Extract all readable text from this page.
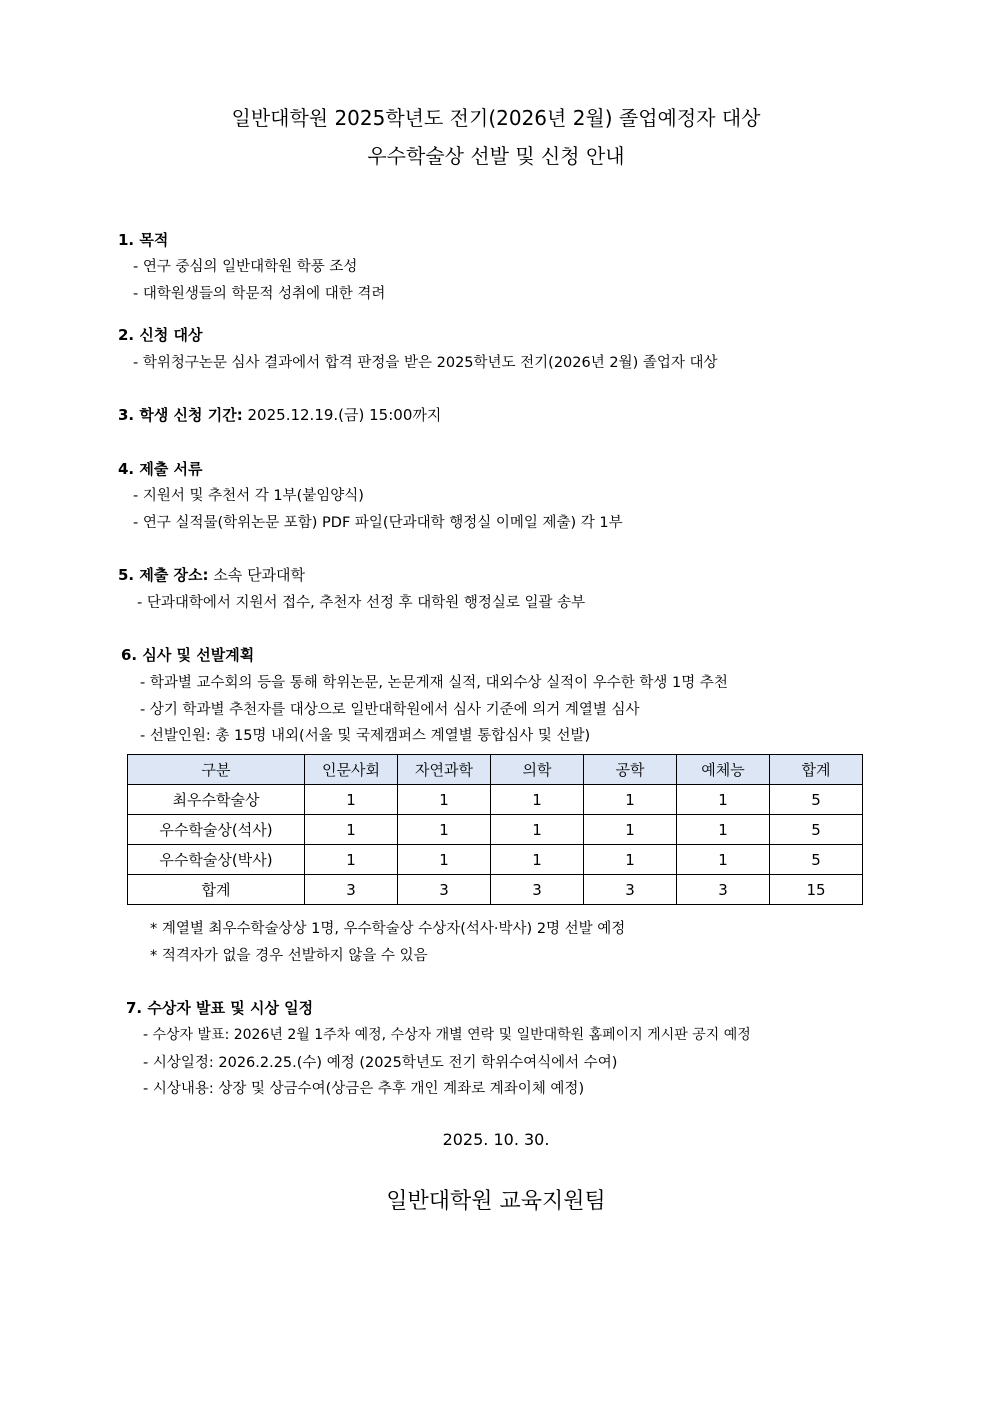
일반대학원 2025학년도 전기(2026년 2월) 졸업예정자 대상
우수학술상 선발 및 신청 안내
1. 목적
- 연구 중심의 일반대학원 학풍 조성
- 대학원생들의 학문적 성취에 대한 격려
2. 신청 대상
- 학위청구논문 심사 결과에서 합격 판정을 받은 2025학년도 전기(2026년 2월) 졸업자 대상
3. 학생 신청 기간: 2025.12.19.(금) 15:00까지
4. 제출 서류
- 지원서 및 추천서 각 1부(붙임양식)
- 연구 실적물(학위논문 포함) PDF 파일(단과대학 행정실 이메일 제출) 각 1부
5. 제출 장소: 소속 단과대학
- 단과대학에서 지원서 접수, 추천자 선정 후 대학원 행정실로 일괄 송부
6. 심사 및 선발계획
- 학과별 교수회의 등을 통해 학위논문, 논문게재 실적, 대외수상 실적이 우수한 학생 1명 추천
- 상기 학과별 추천자를 대상으로 일반대학원에서 심사 기준에 의거 계열별 심사
- 선발인원: 총 15명 내외(서울 및 국제캠퍼스 계열별 통합심사 및 선발)
구분	인문사회	자연과학	의학	공학	예체능	합계
최우수학술상	1	1	1	1	1	5
우수학술상(석사)	1	1	1	1	1	5
우수학술상(박사)	1	1	1	1	1	5
합계	3	3	3	3	3	15
* 계열별 최우수학술상상 1명, 우수학술상 수상자(석사·박사) 2명 선발 예정
* 적격자가 없을 경우 선발하지 않을 수 있음
7. 수상자 발표 및 시상 일정
- 수상자 발표: 2026년 2월 1주차 예정, 수상자 개별 연락 및 일반대학원 홈페이지 게시판 공지 예정
- 시상일정: 2026.2.25.(수) 예정 (2025학년도 전기 학위수여식에서 수여)
- 시상내용: 상장 및 상금수여(상금은 추후 개인 계좌로 계좌이체 예정)
2025. 10. 30.
일반대학원 교육지원팀
